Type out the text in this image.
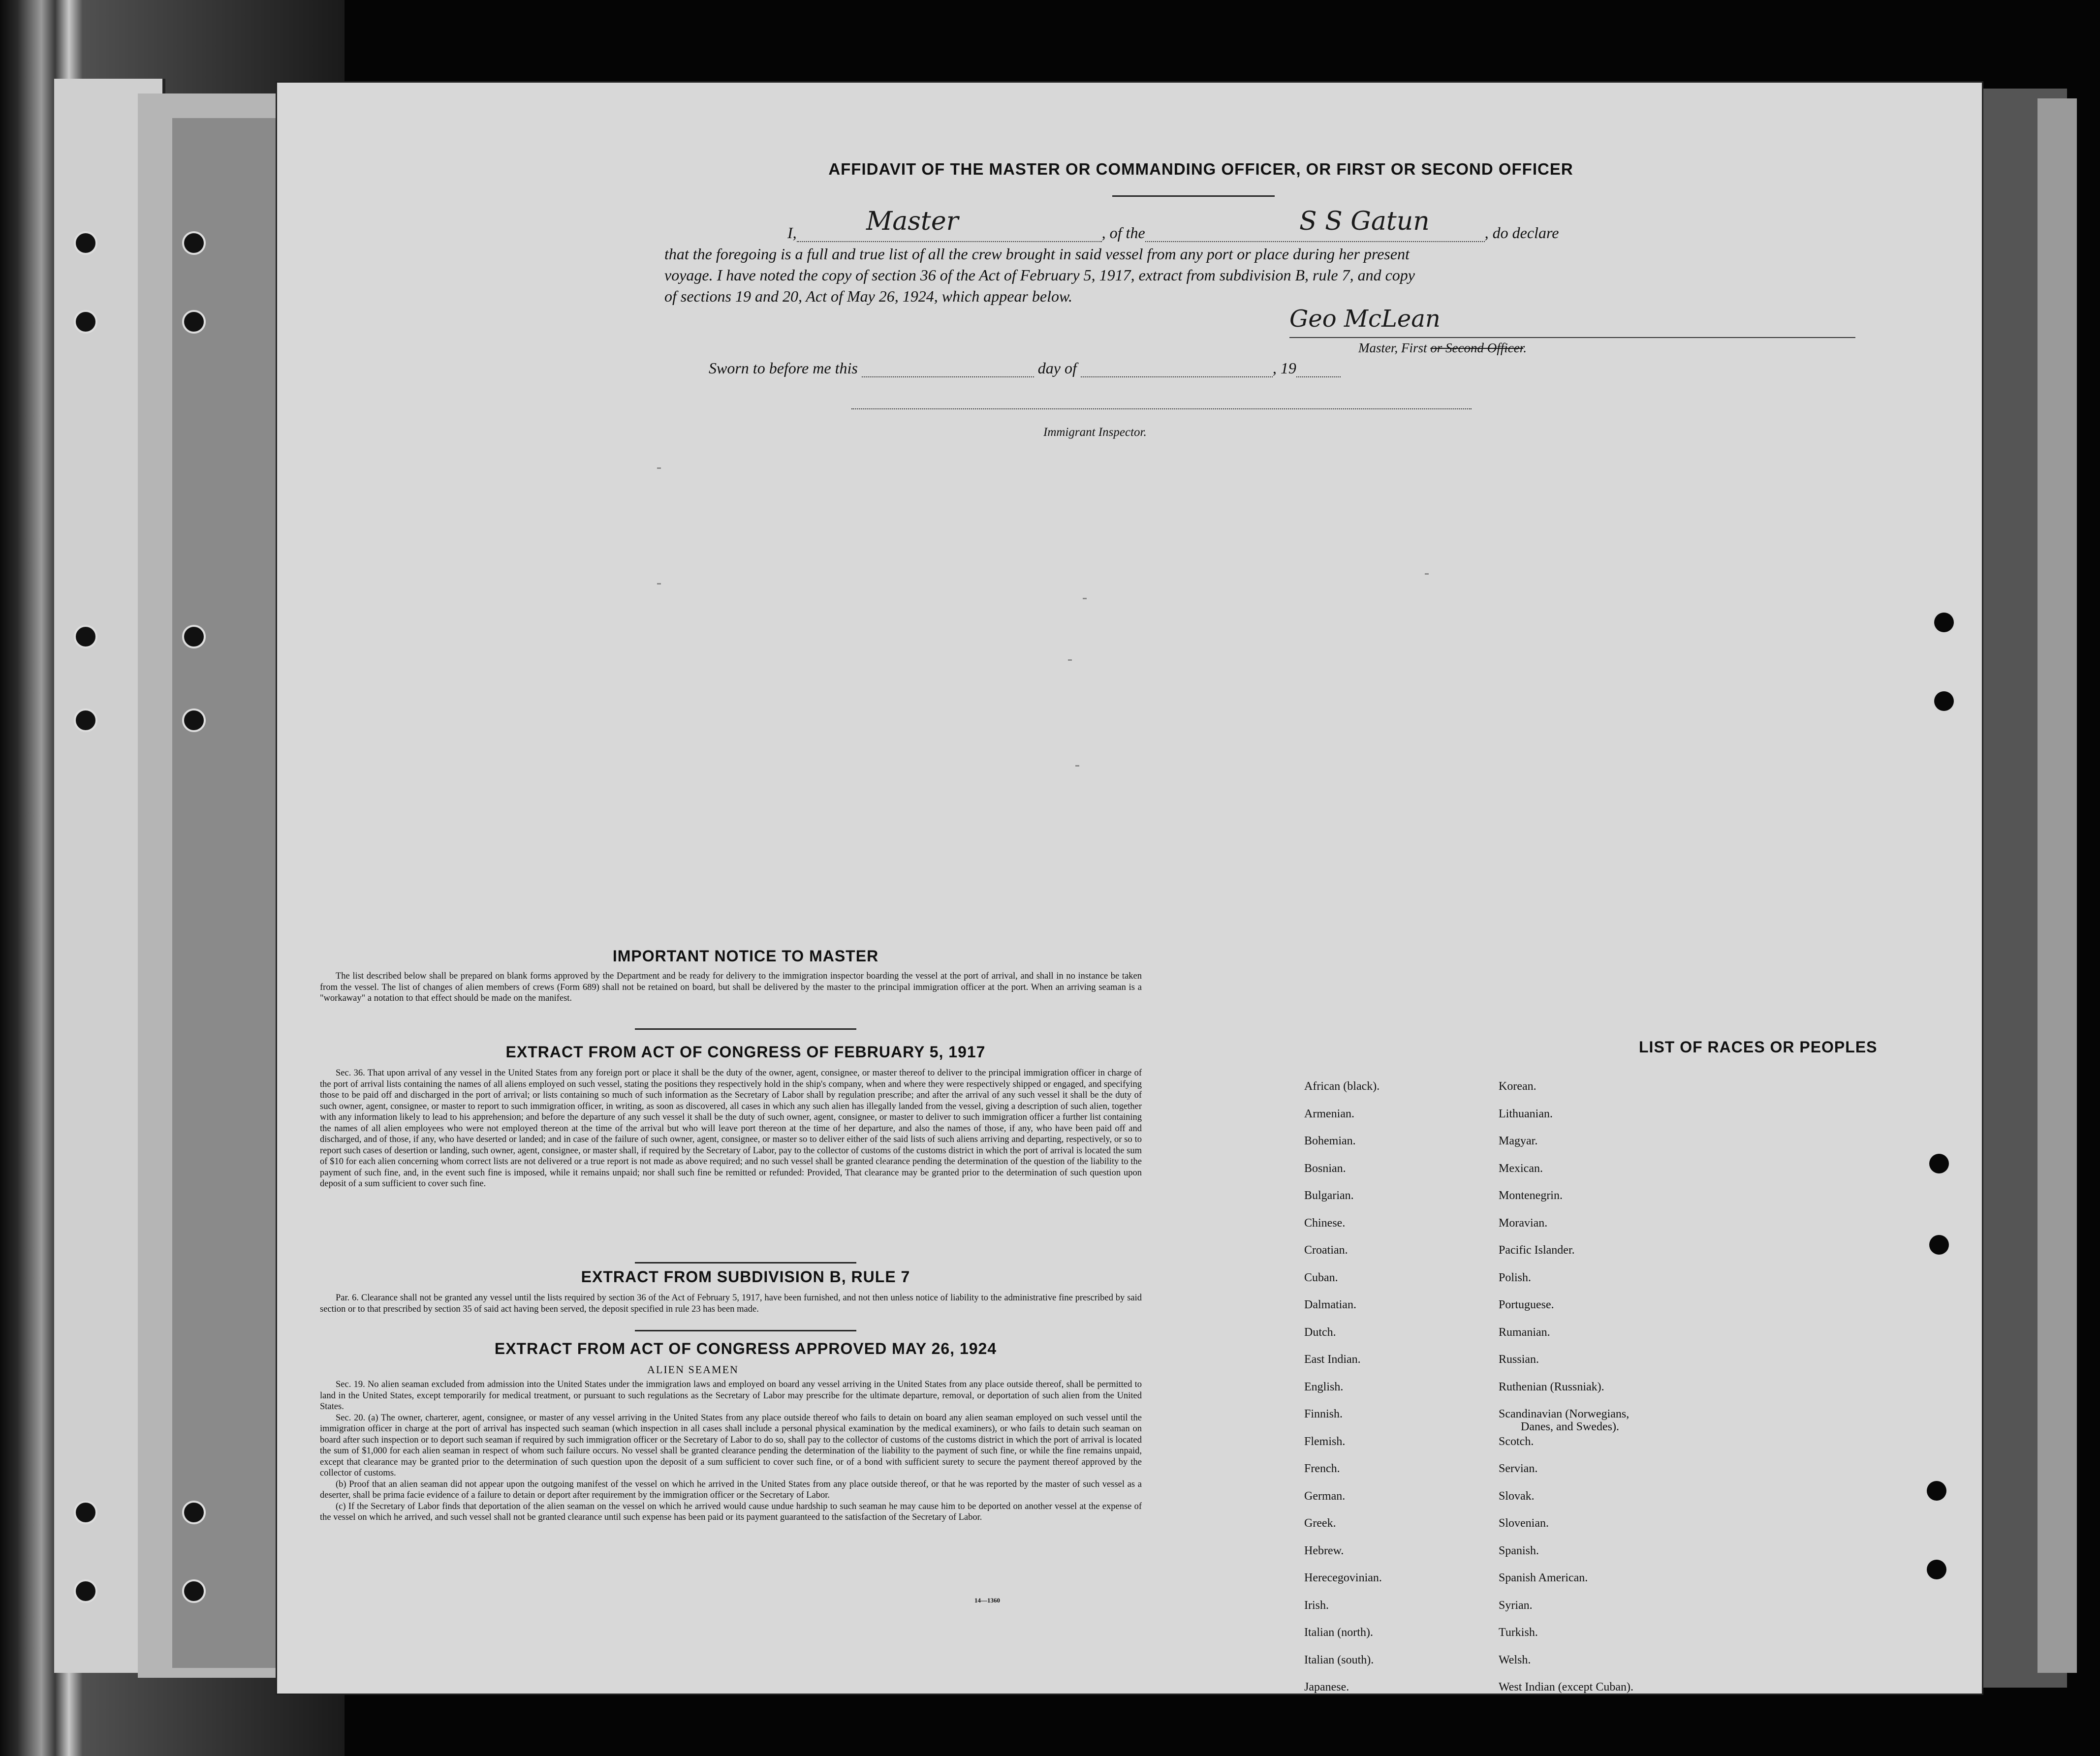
AFFIDAVIT OF THE MASTER OR COMMANDING OFFICER, OR FIRST OR SECOND OFFICER
I,	, of the	, do declare
Master	S S Gatun
that the foregoing is a full and true list of all the crew brought in said vessel from any port or place during her present
voyage. I have noted the copy of section 36 of the Act of February 5, 1917, extract from subdivision B, rule 7, and copy
of sections 19 and 20, Act of May 26, 1924, which appear below.
Geo McLean
Master, First or Second Officer.
Sworn to before me this	day of	, 19
Immigrant Inspector.
IMPORTANT NOTICE TO MASTER

The list described below shall be prepared on blank forms approved by the Department and be ready for delivery to the immigration inspector boarding the vessel at the port of arrival, and shall in no instance be taken from the vessel. The list of changes of alien members of crews (Form 689) shall not be retained on board, but shall be delivered by the master to the principal immigration officer at the port. When an arriving seaman is a "workaway" a notation to that effect should be made on the manifest.

EXTRACT FROM ACT OF CONGRESS OF FEBRUARY 5, 1917

Sec. 36. That upon arrival of any vessel in the United States from any foreign port or place it shall be the duty of the owner, agent, consignee, or master thereof to deliver to the principal immigration officer in charge of the port of arrival lists containing the names of all aliens employed on such vessel, stating the positions they respectively hold in the ship's company, when and where they were respectively shipped or engaged, and specifying those to be paid off and discharged in the port of arrival; or lists containing so much of such information as the Secretary of Labor shall by regulation prescribe; and after the arrival of any such vessel it shall be the duty of such owner, agent, consignee, or master to report to such immigration officer, in writing, as soon as discovered, all cases in which any such alien has illegally landed from the vessel, giving a description of such alien, together with any information likely to lead to his apprehension; and before the departure of any such vessel it shall be the duty of such owner, agent, consignee, or master to deliver to such immigration officer a further list containing the names of all alien employees who were not employed thereon at the time of the arrival but who will leave port thereon at the time of her departure, and also the names of those, if any, who have been paid off and discharged, and of those, if any, who have deserted or landed; and in case of the failure of such owner, agent, consignee, or master so to deliver either of the said lists of such aliens arriving and departing, respectively, or so to report such cases of desertion or landing, such owner, agent, consignee, or master shall, if required by the Secretary of Labor, pay to the collector of customs of the customs district in which the port of arrival is located the sum of $10 for each alien concerning whom correct lists are not delivered or a true report is not made as above required; and no such vessel shall be granted clearance pending the determination of the question of the liability to the payment of such fine, and, in the event such fine is imposed, while it remains unpaid; nor shall such fine be remitted or refunded: Provided, That clearance may be granted prior to the determination of such question upon deposit of a sum sufficient to cover such fine.

EXTRACT FROM SUBDIVISION B, RULE 7

Par. 6. Clearance shall not be granted any vessel until the lists required by section 36 of the Act of February 5, 1917, have been furnished, and not then unless notice of liability to the administrative fine prescribed by said section or to that prescribed by section 35 of said act having been served, the deposit specified in rule 23 has been made.

EXTRACT FROM ACT OF CONGRESS APPROVED MAY 26, 1924
ALIEN SEAMEN

Sec. 19. No alien seaman excluded from admission into the United States under the immigration laws and employed on board any vessel arriving in the United States from any place outside thereof, shall be permitted to land in the United States, except temporarily for medical treatment, or pursuant to such regulations as the Secretary of Labor may prescribe for the ultimate departure, removal, or deportation of such alien from the United States.

Sec. 20. (a) The owner, charterer, agent, consignee, or master of any vessel arriving in the United States from any place outside thereof who fails to detain on board any alien seaman employed on such vessel until the immigration officer in charge at the port of arrival has inspected such seaman (which inspection in all cases shall include a personal physical examination by the medical examiners), or who fails to detain such seaman on board after such inspection or to deport such seaman if required by such immigration officer or the Secretary of Labor to do so, shall pay to the collector of customs of the customs district in which the port of arrival is located the sum of $1,000 for each alien seaman in respect of whom such failure occurs. No vessel shall be granted clearance pending the determination of the liability to the payment of such fine, or while the fine remains unpaid, except that clearance may be granted prior to the determination of such question upon the deposit of a sum sufficient to cover such fine, or of a bond with sufficient surety to secure the payment thereof approved by the collector of customs.

(b) Proof that an alien seaman did not appear upon the outgoing manifest of the vessel on which he arrived in the United States from any place outside thereof, or that he was reported by the master of such vessel as a deserter, shall be prima facie evidence of a failure to detain or deport after requirement by the immigration officer or the Secretary of Labor.

(c) If the Secretary of Labor finds that deportation of the alien seaman on the vessel on which he arrived would cause undue hardship to such seaman he may cause him to be deported on another vessel at the expense of the vessel on which he arrived, and such vessel shall not be granted clearance until such expense has been paid or its payment guaranteed to the satisfaction of the Secretary of Labor.

14—1360
LIST OF RACES OR PEOPLES
African (black).
Armenian.
Bohemian.
Bosnian.
Bulgarian.
Chinese.
Croatian.
Cuban.
Dalmatian.
Dutch.
East Indian.
English.
Finnish.
Flemish.
French.
German.
Greek.
Hebrew.
Herecegovinian.
Irish.
Italian (north).
Italian (south).
Japanese.
Korean.
Lithuanian.
Magyar.
Mexican.
Montenegrin.
Moravian.
Pacific Islander.
Polish.
Portuguese.
Rumanian.
Russian.
Ruthenian (Russniak).
Scandinavian (Norwegians,
Danes, and Swedes).
Scotch.
Servian.
Slovak.
Slovenian.
Spanish.
Spanish American.
Syrian.
Turkish.
Welsh.
West Indian (except Cuban).
